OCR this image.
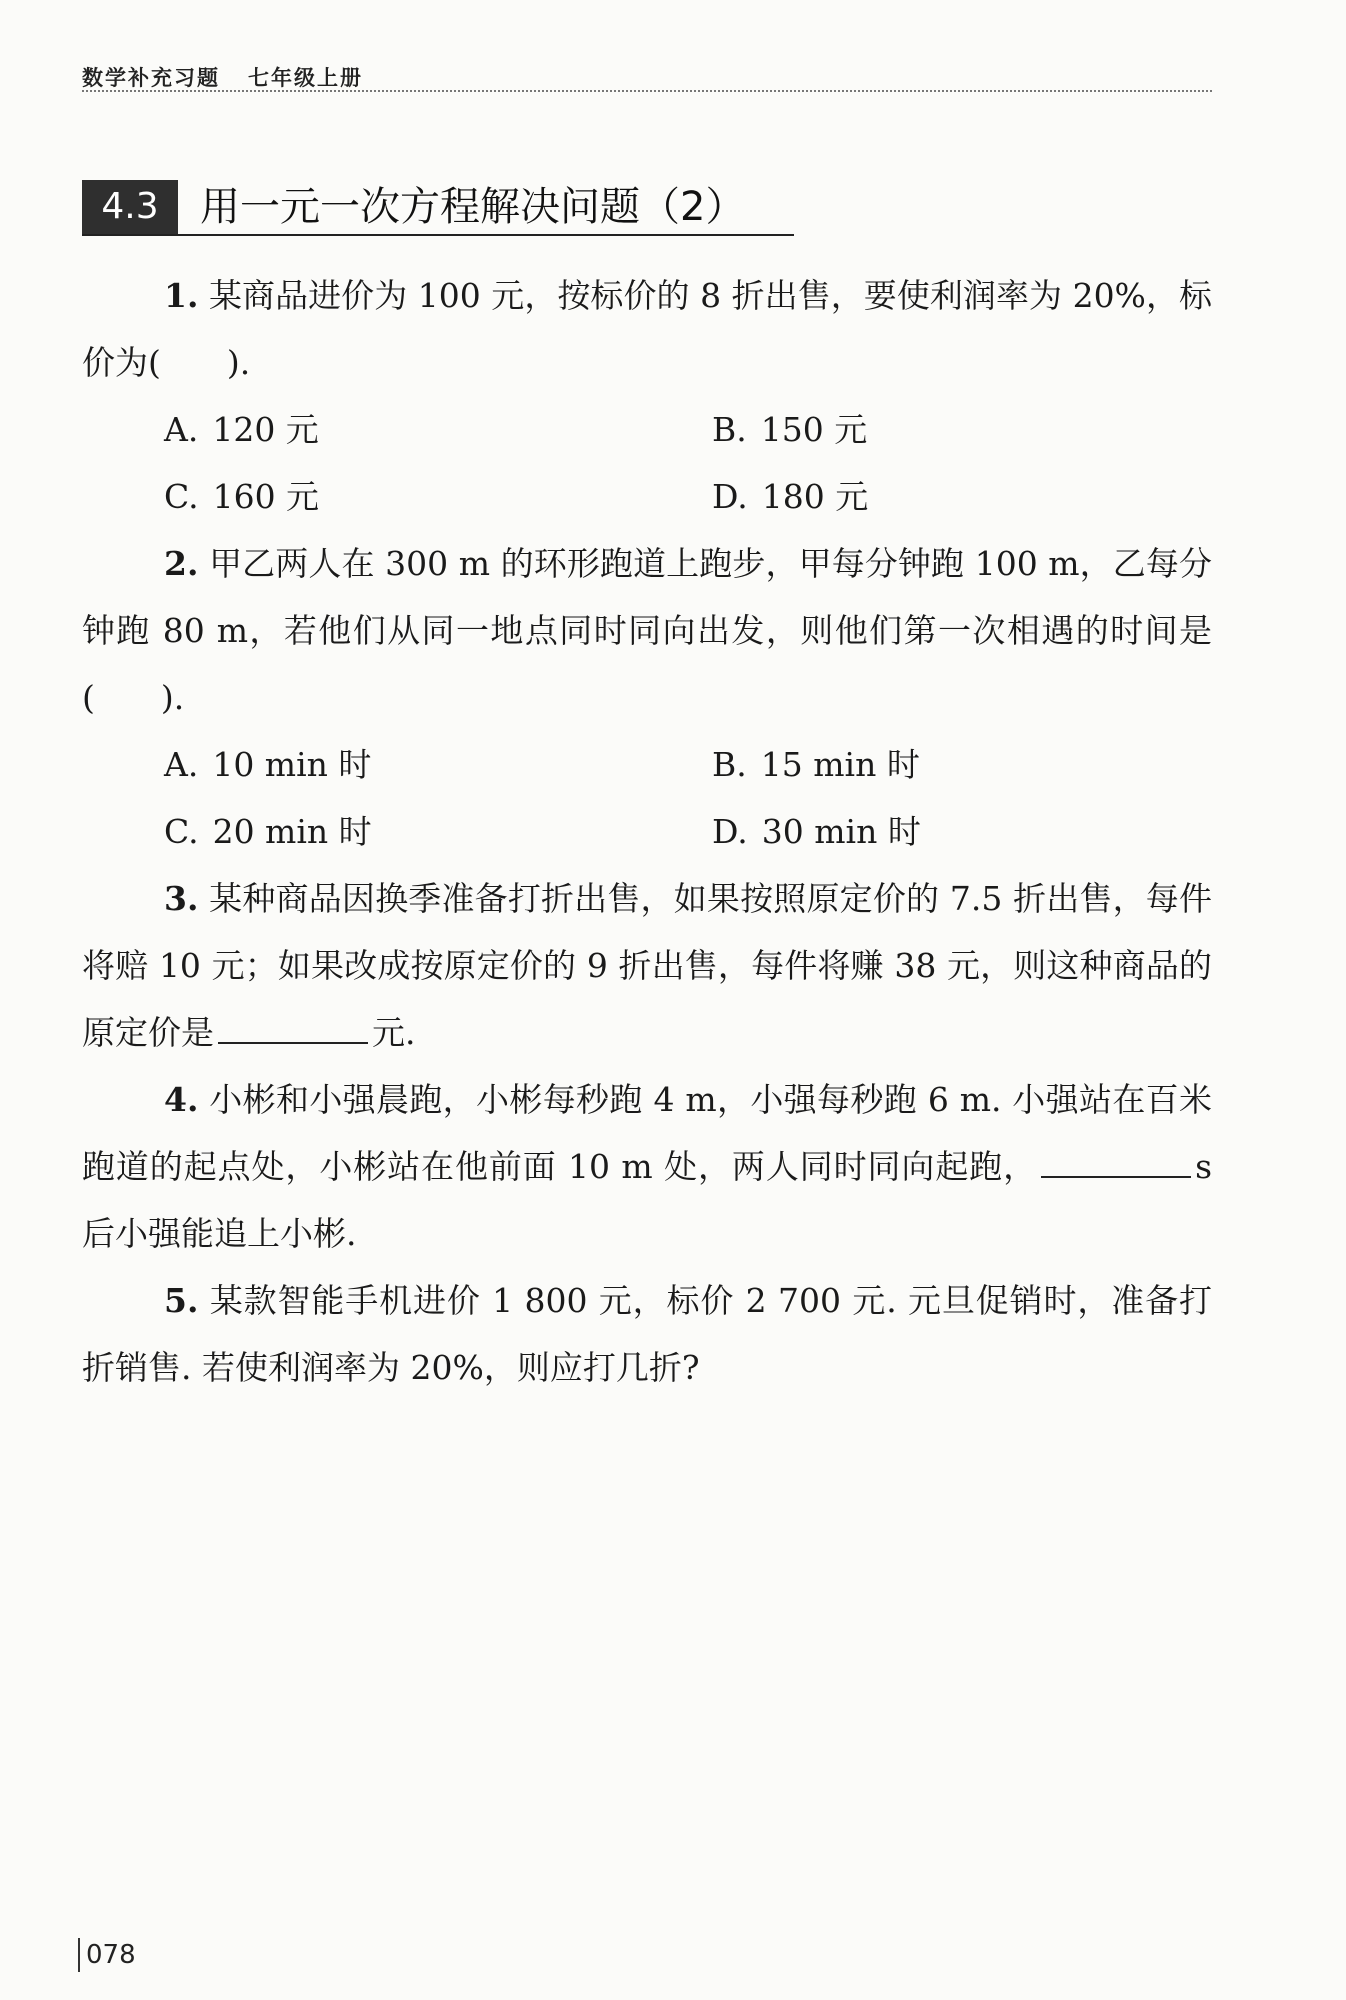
数学补充习题 七年级上册
4.3	用一元一次方程解决问题（2）

1. 某商品进价为 100 元，按标价的 8 折出售，要使利润率为 20%，标价为(　　).

A. 120 元	B. 150 元
C. 160 元	D. 180 元

2. 甲乙两人在 300 m 的环形跑道上跑步，甲每分钟跑 100 m，乙每分钟跑 80 m，若他们从同一地点同时同向出发，则他们第一次相遇的时间是(　　).

A. 10 min 时	B. 15 min 时
C. 20 min 时	D. 30 min 时

3. 某种商品因换季准备打折出售，如果按照原定价的 7.5 折出售，每件将赔 10 元；如果改成按原定价的 9 折出售，每件将赚 38 元，则这种商品的原定价是	元.

4. 小彬和小强晨跑，小彬每秒跑 4 m，小强每秒跑 6 m. 小强站在百米跑道的起点处，小彬站在他前面 10 m 处，两人同时同向起跑，	s 后小强能追上小彬.

5. 某款智能手机进价 1 800 元，标价 2 700 元. 元旦促销时，准备打折销售. 若使利润率为 20%，则应打几折?

078
